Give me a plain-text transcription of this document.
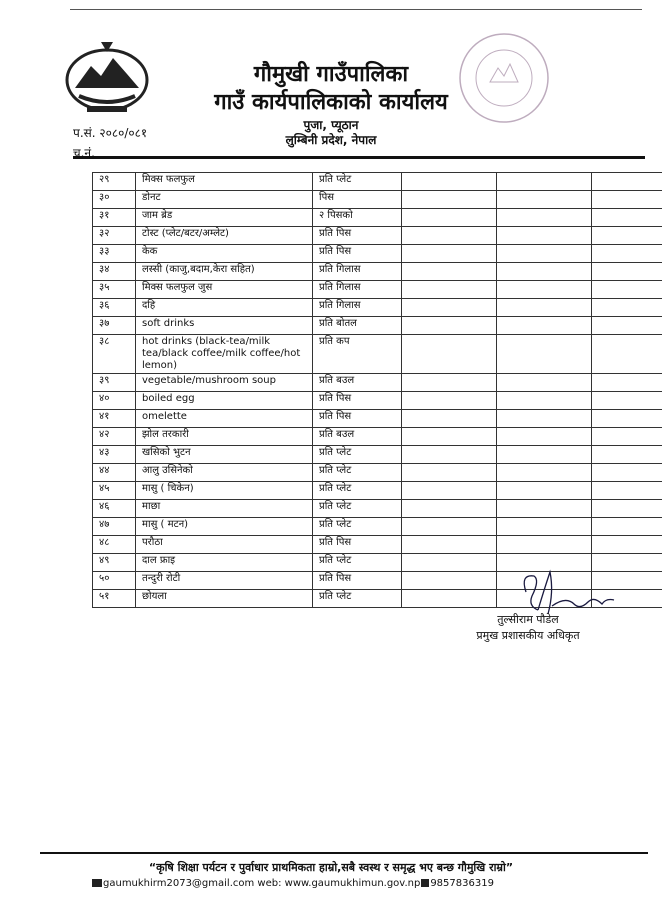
गौमुखी गाउँपालिका
गाउँ कार्यपालिकाको कार्यालय
पुजा, प्यूठान
लुम्बिनी प्रदेश, नेपाल
प.सं. २०८०/०८१
च.नं.
२९	मिक्स फलफुल	प्रति प्लेट			
३०	डोनट	पिस			
३१	जाम ब्रेड	२ पिसको			
३२	टोस्ट (प्लेट/बटर/अम्लेट)	प्रति पिस			
३३	केक	प्रति पिस			
३४	लस्सी (काजु,बदाम,केरा सहित)	प्रति गिलास			
३५	मिक्स फलफुल जुस	प्रति गिलास			
३६	दहि	प्रति गिलास			
३७	soft drinks	प्रति बोतल			
३८	hot drinks (black-tea/milk tea/black coffee/milk coffee/hot lemon)	प्रति कप			
३९	vegetable/mushroom soup	प्रति बउल			
४०	boiled egg	प्रति पिस			
४१	omelette	प्रति पिस			
४२	झोल तरकारी	प्रति बउल			
४३	खसिको भुटन	प्रति प्लेट			
४४	आलु उसिनेको	प्रति प्लेट			
४५	मासु ( चिकेन)	प्रति प्लेट			
४६	माछा	प्रति प्लेट			
४७	मासु ( मटन)	प्रति प्लेट			
४८	परौठा	प्रति पिस			
४९	दाल फ्राइ	प्रति प्लेट			
५०	तन्दुरी रोटी	प्रति पिस			
५१	छोयला	प्रति प्लेट			
तुल्सीराम पौडेल
प्रमुख प्रशासकीय अधिकृत
“कृषि शिक्षा पर्यटन र पुर्वाधार प्राथमिकता हाम्रो,सबै स्वस्थ र समृद्ध भए बन्छ गौमुखि राम्रो”
gaumukhirm2073@gmail.com web: www.gaumukhimun.gov.np 9857836319
